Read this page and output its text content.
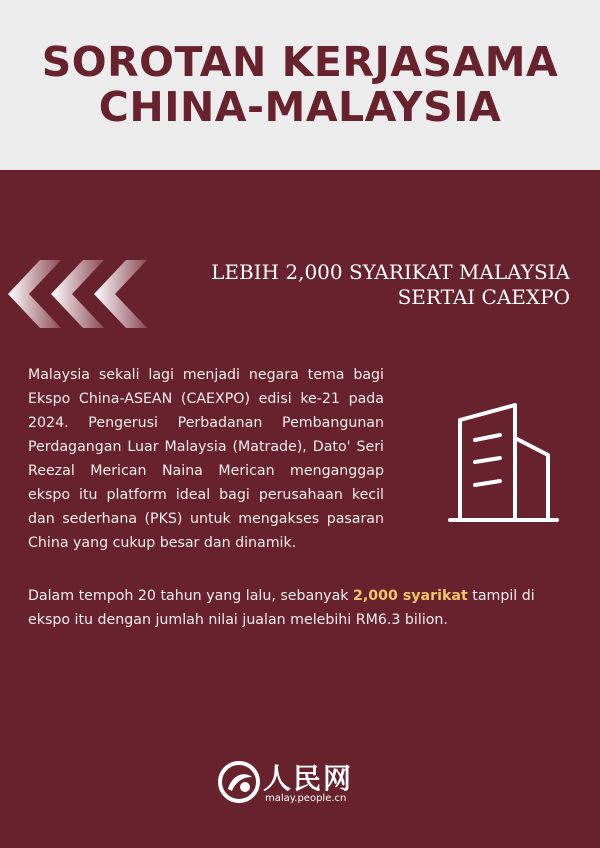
SOROTAN KERJASAMA
CHINA-MALAYSIA
LEBIH 2,000 SYARIKAT MALAYSIA
SERTAI CAEXPO

Malaysia sekali lagi menjadi negara tema bagi Ekspo China-ASEAN (CAEXPO) edisi ke-21 pada 2024. Pengerusi Perbadanan Pembangunan Perdagangan Luar Malaysia (Matrade), Dato' Seri Reezal Merican Naina Merican menganggap ekspo itu platform ideal bagi perusahaan kecil dan sederhana (PKS) untuk mengakses pasaran China yang cukup besar dan dinamik.

Dalam tempoh 20 tahun yang lalu, sebanyak 2,000 syarikat tampil di ekspo itu dengan jumlah nilai jualan melebihi RM6.3 bilion.

人民网
malay.people.cn
